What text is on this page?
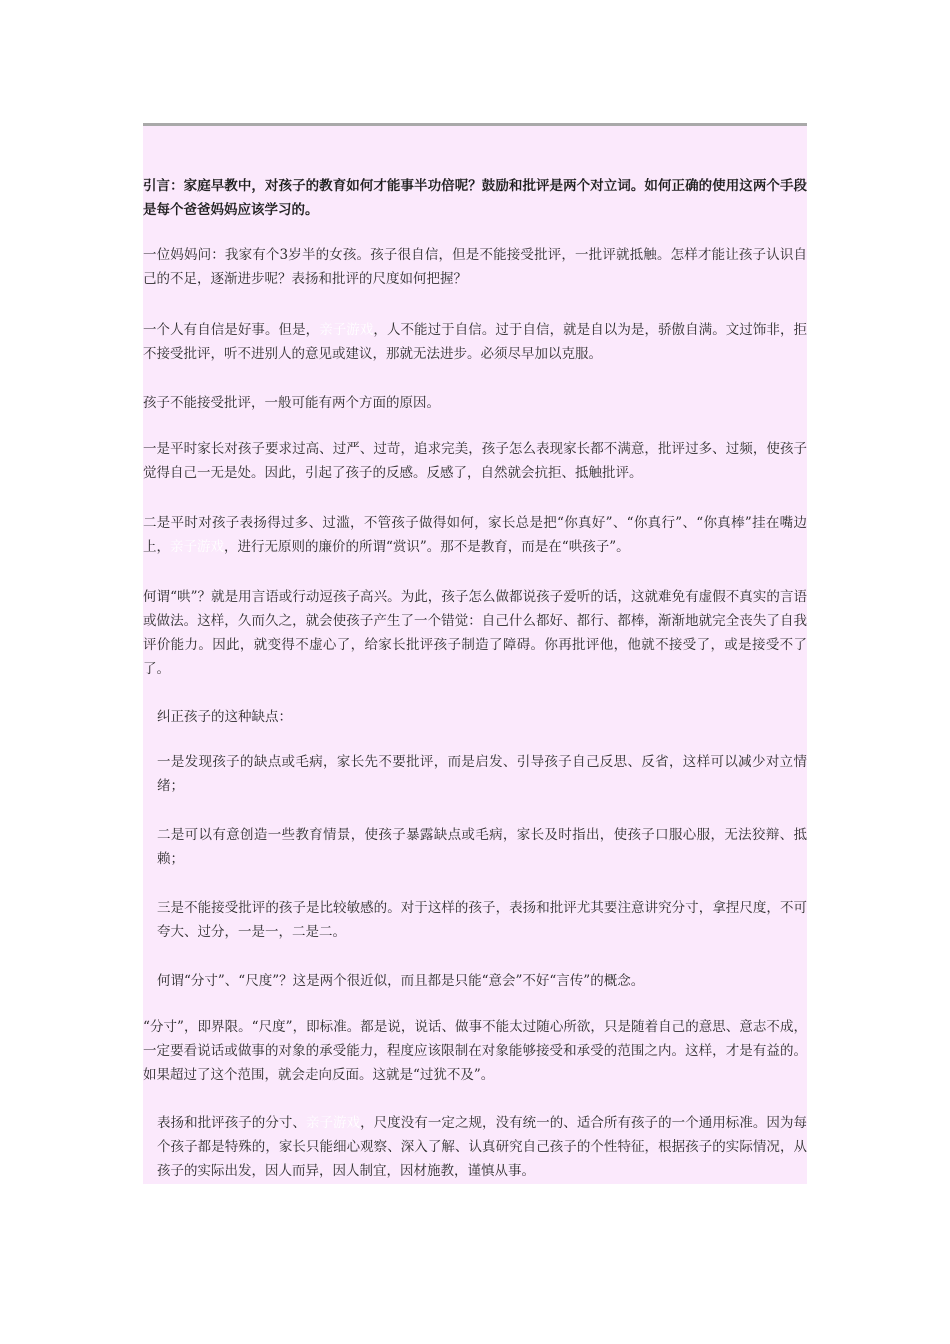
引言：家庭早教中，对孩子的教育如何才能事半功倍呢？鼓励和批评是两个对立词。如何正确的使用这两个手段是每个爸爸妈妈应该学习的。

一位妈妈问：我家有个3岁半的女孩。孩子很自信，但是不能接受批评，一批评就抵触。怎样才能让孩子认识自己的不足，逐渐进步呢？表扬和批评的尺度如何把握？

一个人有自信是好事。但是，亲子游戏，人不能过于自信。过于自信，就是自以为是，骄傲自满。文过饰非，拒不接受批评，听不进别人的意见或建议，那就无法进步。必须尽早加以克服。

孩子不能接受批评，一般可能有两个方面的原因。

一是平时家长对孩子要求过高、过严、过苛，追求完美，孩子怎么表现家长都不满意，批评过多、过频，使孩子觉得自己一无是处。因此，引起了孩子的反感。反感了，自然就会抗拒、抵触批评。

二是平时对孩子表扬得过多、过滥，不管孩子做得如何，家长总是把“你真好”、“你真行”、“你真棒”挂在嘴边上，亲子游戏，进行无原则的廉价的所谓“赏识”。那不是教育，而是在“哄孩子”。

何谓“哄”？就是用言语或行动逗孩子高兴。为此，孩子怎么做都说孩子爱听的话，这就难免有虚假不真实的言语或做法。这样，久而久之，就会使孩子产生了一个错觉：自己什么都好、都行、都棒，渐渐地就完全丧失了自我评价能力。因此，就变得不虚心了，给家长批评孩子制造了障碍。你再批评他，他就不接受了，或是接受不了了。

纠正孩子的这种缺点：

一是发现孩子的缺点或毛病，家长先不要批评，而是启发、引导孩子自己反思、反省，这样可以减少对立情绪；

二是可以有意创造一些教育情景，使孩子暴露缺点或毛病，家长及时指出，使孩子口服心服，无法狡辩、抵赖；

三是不能接受批评的孩子是比较敏感的。对于这样的孩子，表扬和批评尤其要注意讲究分寸，拿捏尺度，不可夸大、过分，一是一，二是二。

何谓“分寸”、“尺度”？这是两个很近似，而且都是只能“意会”不好“言传”的概念。

“分寸”，即界限。“尺度”，即标准。都是说，说话、做事不能太过随心所欲，只是随着自己的意思、意志不成，一定要看说话或做事的对象的承受能力，程度应该限制在对象能够接受和承受的范围之内。这样，才是有益的。如果超过了这个范围，就会走向反面。这就是“过犹不及”。

表扬和批评孩子的分寸、亲子游戏，尺度没有一定之规，没有统一的、适合所有孩子的一个通用标准。因为每个孩子都是特殊的，家长只能细心观察、深入了解、认真研究自己孩子的个性特征，根据孩子的实际情况，从孩子的实际出发，因人而异，因人制宜，因材施教，谨慎从事。
